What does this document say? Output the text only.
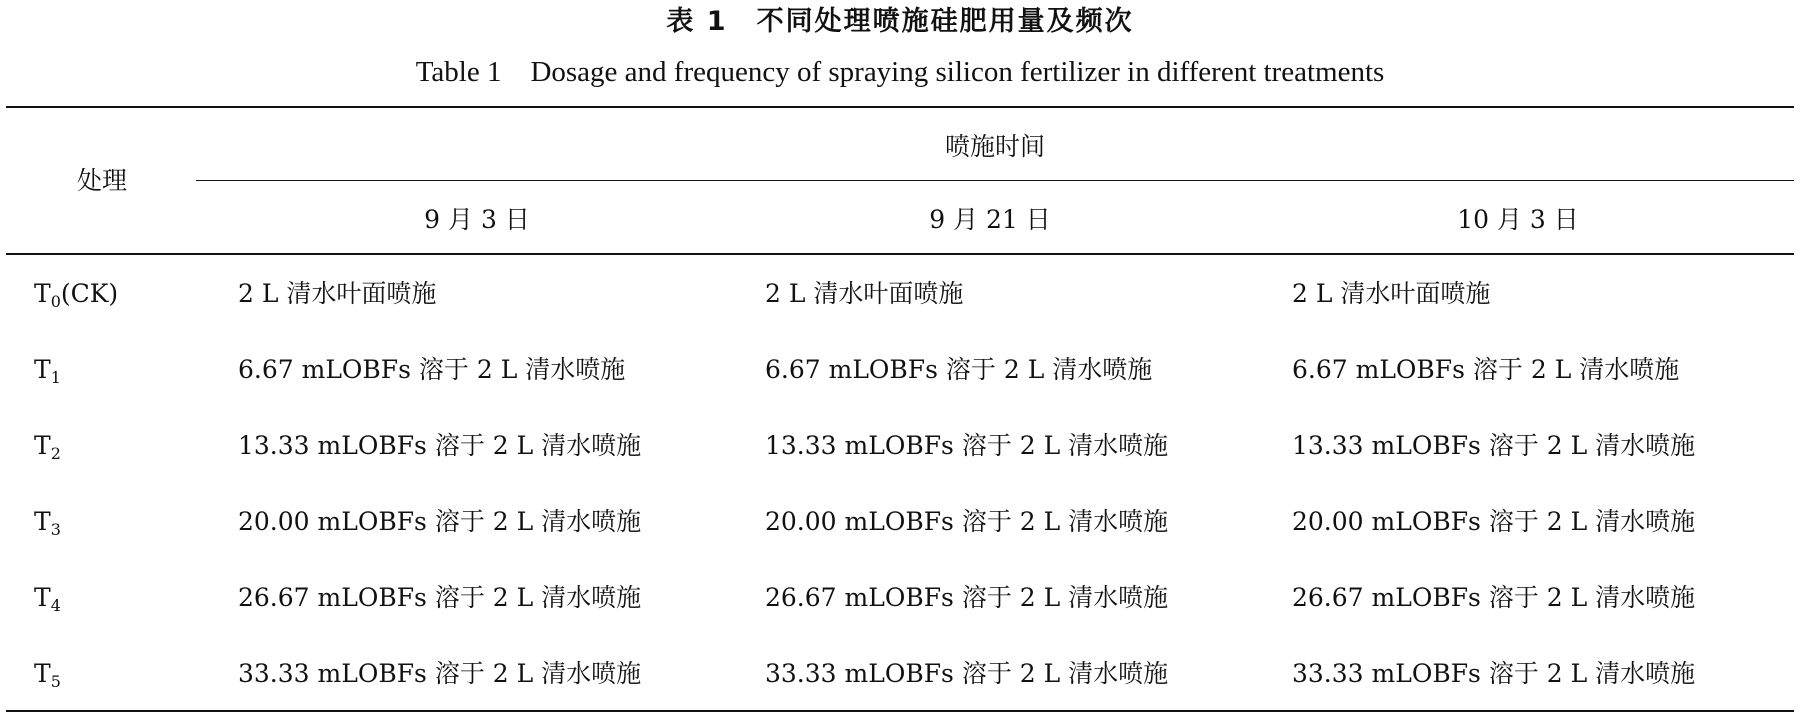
表 1　不同处理喷施硅肥用量及频次
Table 1　Dosage and frequency of spraying silicon fertilizer in different treatments
处理
喷施时间
9 月 3 日	9 月 21 日	10 月 3 日
$T_0(CK)$	2 L 清水叶面喷施	2 L 清水叶面喷施	2 L 清水叶面喷施
$T_1$	6.67 mLOBFs 溶于 2 L 清水喷施	6.67 mLOBFs 溶于 2 L 清水喷施	6.67 mLOBFs 溶于 2 L 清水喷施
$T_2$	13.33 mLOBFs 溶于 2 L 清水喷施	13.33 mLOBFs 溶于 2 L 清水喷施	13.33 mLOBFs 溶于 2 L 清水喷施
$T_3$	20.00 mLOBFs 溶于 2 L 清水喷施	20.00 mLOBFs 溶于 2 L 清水喷施	20.00 mLOBFs 溶于 2 L 清水喷施
$T_4$	26.67 mLOBFs 溶于 2 L 清水喷施	26.67 mLOBFs 溶于 2 L 清水喷施	26.67 mLOBFs 溶于 2 L 清水喷施
$T_5$	33.33 mLOBFs 溶于 2 L 清水喷施	33.33 mLOBFs 溶于 2 L 清水喷施	33.33 mLOBFs 溶于 2 L 清水喷施
